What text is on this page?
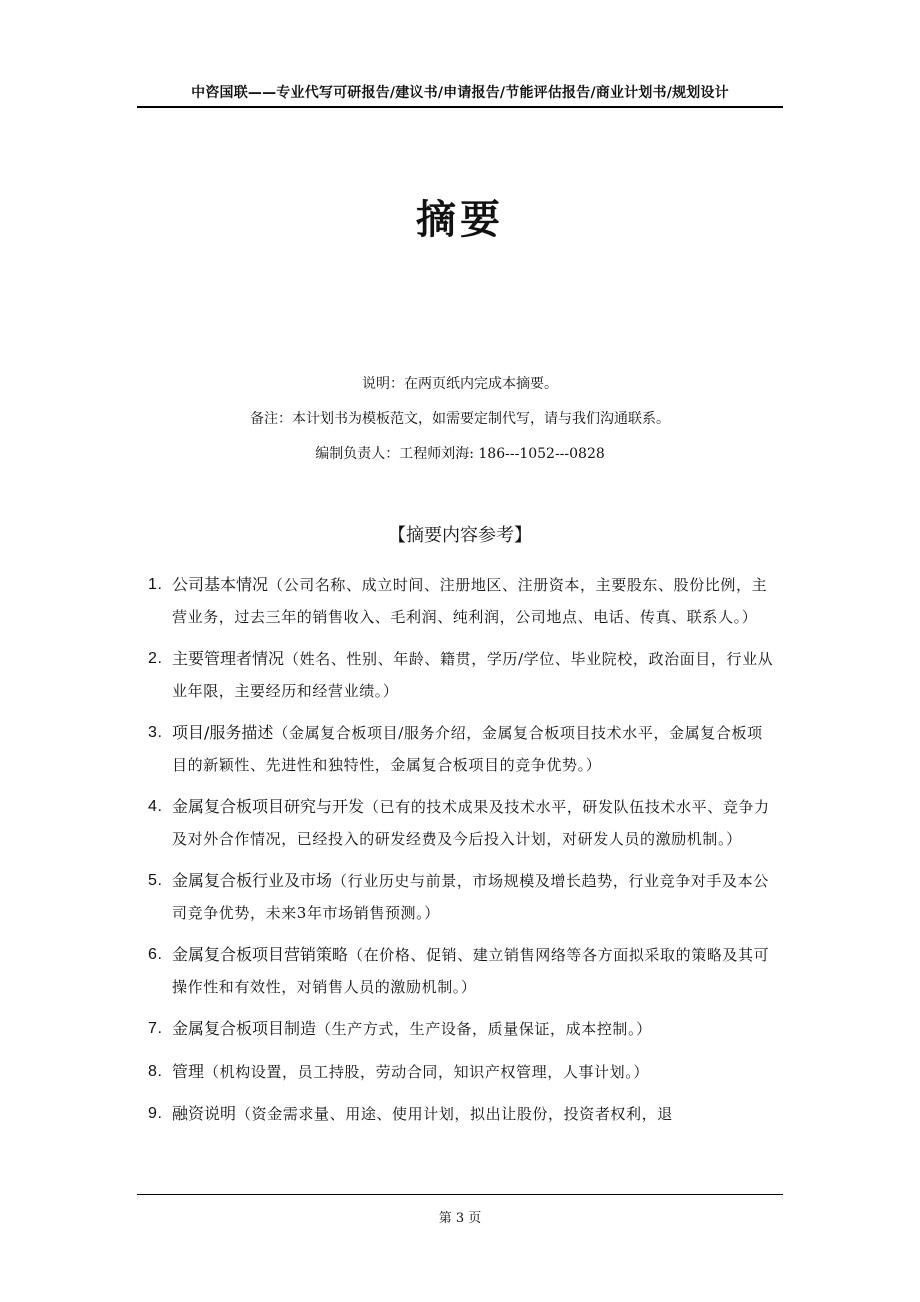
中咨国联——专业代写可研报告/建议书/申请报告/节能评估报告/商业计划书/规划设计
摘要
说明：在两页纸内完成本摘要。
备注：本计划书为模板范文，如需要定制代写，请与我们沟通联系。
编制负责人：工程师刘海: 186---1052---0828
【摘要内容参考】
1. 公司基本情况（公司名称、成立时间、注册地区、注册资本，主要股东、股份比例，主营业务，过去三年的销售收入、毛利润、纯利润，公司地点、电话、传真、联系人。）
2. 主要管理者情况（姓名、性别、年龄、籍贯，学历/学位、毕业院校，政治面目，行业从业年限，主要经历和经营业绩。）
3. 项目/服务描述（金属复合板项目/服务介绍，金属复合板项目技术水平，金属复合板项目的新颖性、先进性和独特性，金属复合板项目的竞争优势。）
4. 金属复合板项目研究与开发（已有的技术成果及技术水平，研发队伍技术水平、竞争力及对外合作情况，已经投入的研发经费及今后投入计划，对研发人员的激励机制。）
5. 金属复合板行业及市场（行业历史与前景，市场规模及增长趋势，行业竞争对手及本公司竞争优势，未来3年市场销售预测。）
6. 金属复合板项目营销策略（在价格、促销、建立销售网络等各方面拟采取的策略及其可操作性和有效性，对销售人员的激励机制。）
7. 金属复合板项目制造（生产方式，生产设备，质量保证，成本控制。）
8. 管理（机构设置，员工持股，劳动合同，知识产权管理，人事计划。）
9. 融资说明（资金需求量、用途、使用计划，拟出让股份，投资者权利，退
第 3 页
